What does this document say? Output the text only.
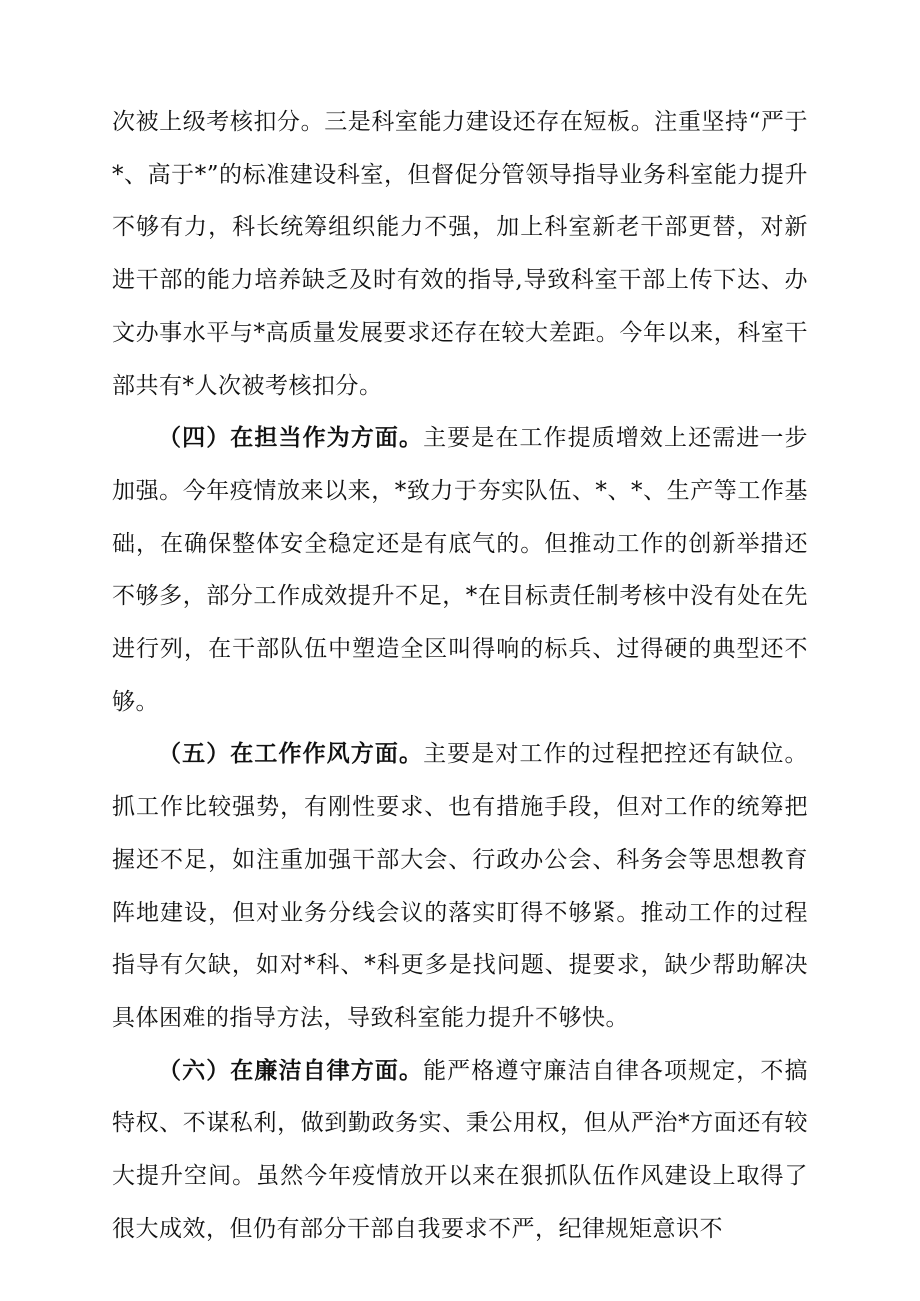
次被上级考核扣分。三是科室能力建设还存在短板。注重坚持“严于*、高于*”的标准建设科室，但督促分管领导指导业务科室能力提升不够有力，科长统筹组织能力不强，加上科室新老干部更替，对新进干部的能力培养缺乏及时有效的指导,导致科室干部上传下达、办文办事水平与*高质量发展要求还存在较大差距。今年以来，科室干部共有*人次被考核扣分。

（四）在担当作为方面。主要是在工作提质增效上还需进一步加强。今年疫情放来以来，*致力于夯实队伍、*、*、生产等工作基础，在确保整体安全稳定还是有底气的。但推动工作的创新举措还不够多，部分工作成效提升不足，*在目标责任制考核中没有处在先进行列，在干部队伍中塑造全区叫得响的标兵、过得硬的典型还不够。

（五）在工作作风方面。主要是对工作的过程把控还有缺位。抓工作比较强势，有刚性要求、也有措施手段，但对工作的统筹把握还不足，如注重加强干部大会、行政办公会、科务会等思想教育阵地建设，但对业务分线会议的落实盯得不够紧。推动工作的过程指导有欠缺，如对*科、*科更多是找问题、提要求，缺少帮助解决具体困难的指导方法，导致科室能力提升不够快。

（六）在廉洁自律方面。能严格遵守廉洁自律各项规定，不搞特权、不谋私利，做到勤政务实、秉公用权，但从严治*方面还有较大提升空间。虽然今年疫情放开以来在狠抓队伍作风建设上取得了很大成效，但仍有部分干部自我要求不严，纪律规矩意识不
